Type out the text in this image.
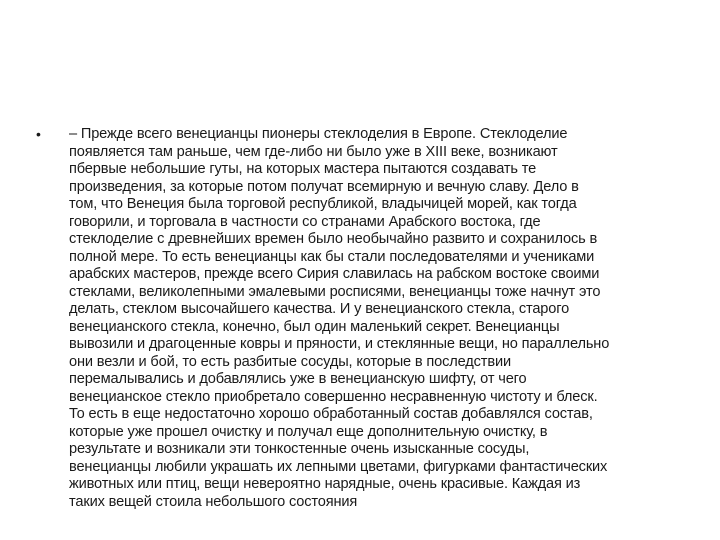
• – Прежде всего венецианцы пионеры стеклоделия в Европе. Стеклоделие
появляется там раньше, чем где-либо ни было уже в XIII веке, возникают
пбервые небольшие гуты, на которых мастера пытаются создавать те
произведения, за которые потом получат всемирную и вечную славу. Дело в
том, что Венеция была торговой республикой, владычицей морей, как тогда
говорили, и торговала в частности со странами Арабского востока, где
стеклоделие с древнейших времен было необычайно развито и сохранилось в
полной мере. То есть венецианцы как бы стали последователями и учениками
арабских мастеров, прежде всего Сирия славилась на рабском востоке своими
стеклами, великолепными эмалевыми росписями, венецианцы тоже начнут это
делать, стеклом высочайшего качества. И у венецианского стекла, старого
венецианского стекла, конечно, был один маленький секрет. Венецианцы
вывозили и драгоценные ковры и пряности, и стеклянные вещи, но параллельно
они везли и бой, то есть разбитые сосуды, которые в последствии
перемалывались и добавлялись уже в венецианскую шифту, от чего
венецианское стекло приобретало совершенно несравненную чистоту и блеск.
То есть в еще недостаточно хорошо обработанный состав добавлялся состав,
которые уже прошел очистку и получал еще дополнительную очистку, в
результате и возникали эти тонкостенные очень изысканные сосуды,
венецианцы любили украшать их лепными цветами, фигурками фантастических
животных или птиц, вещи невероятно нарядные, очень красивые. Каждая из
таких вещей стоила небольшого состояния
